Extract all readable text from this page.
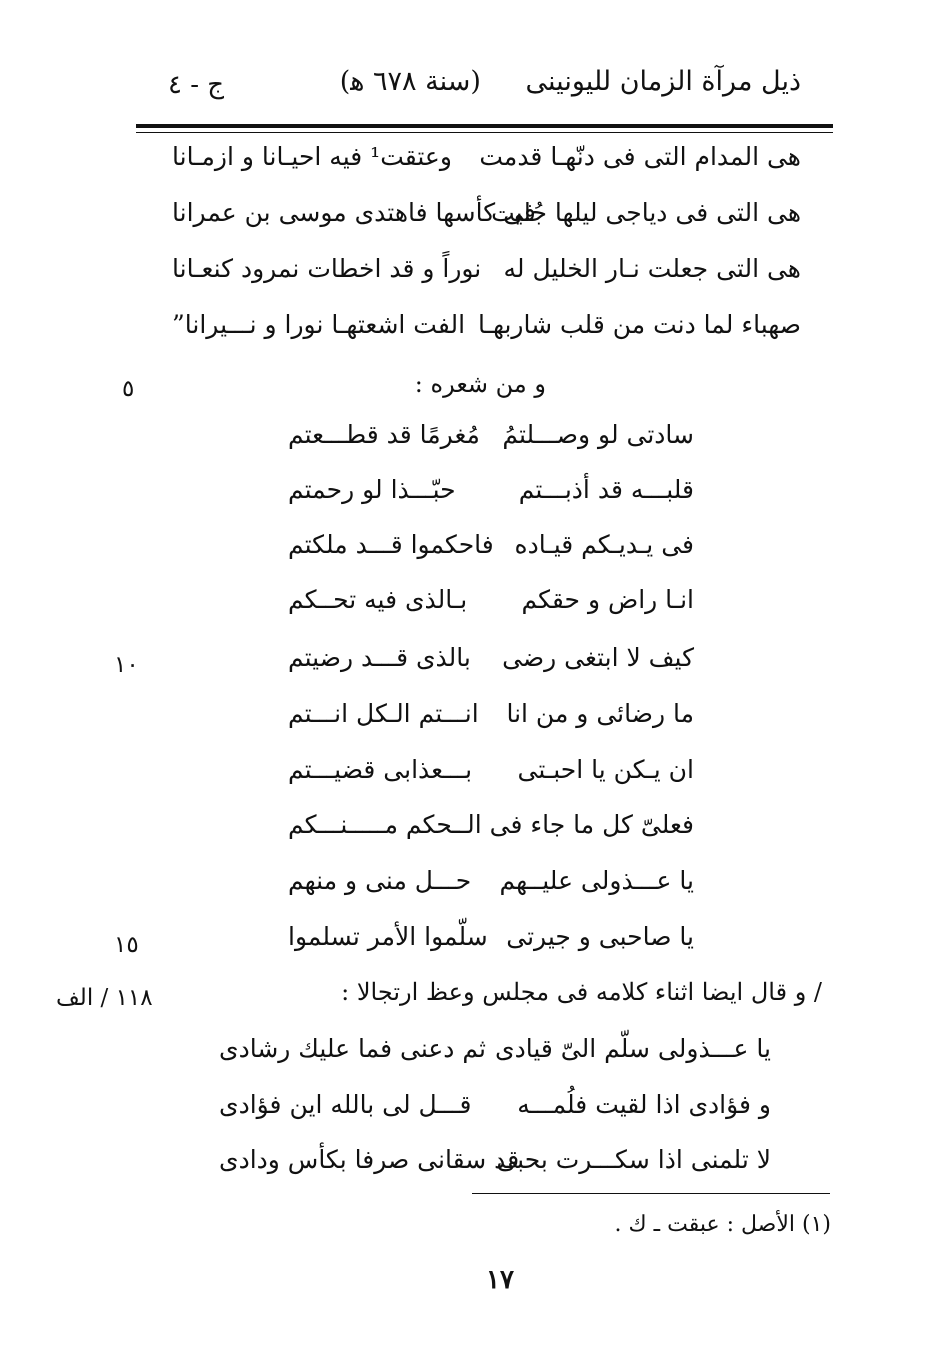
ذيل مرآة الزمان لليونينى (سنة ٦٧٨ ﻫ)
ج - ٤
هى المدام التى فى دنّهـا قدمت
وعتقت¹ فيه احيـانا و ازمـانا
هى التى فى دياجى ليلها جُليت
فى كأسها فاهتدى موسى بن عمرانا
هى التى جعلت نـار الخليل له
نوراً و قد اخطات نمرود كنعـانا
صهباء لما دنت من قلب شاربهـا
الفت اشعتهـا نورا و نـــيرانا”
و من شعره :
٥
سادتى لو وصـــلتمُ
مُغرمًا قد قطـــعتم
قلبـــه قد أذبـــتم
حبّـــذا لو رحمتم
فى يـديـكم قيـاده
فاحكموا قـــد ملكتم
انـا راض و حقكم
بـالذى فيه تحــكم
كيف لا ابتغى رضى
بالذى قـــد رضيتم
ما رضائى و من انا
انـــتم الـكل انـــتم
ان يـكن يا احبـتى
بـــعذابى قضيـــتم
فعلىّ كل ما جاء فى الــ
ـحكم مـــــنـــكم
يا عـــذولى عليــهم
حـــل منى و منهم
يا صاحبى و جيرتى
سلّموا الأمر تسلموا
١٠
١٥
١١٨ / الف	/ و قال ايضا اثناء كلامه فى مجلس وعظ ارتجالا :
يا عـــذولى سلّم الىّ قيادى
ثم دعنى فما عليك رشادى
و فؤادى اذا لقيت فلُمـــه
قـــل لى بالله اين فؤادى
لا تلمنى اذا سكـــرت بحبى
قد سقانى صرفا بكأس ودادى
(١) الأصل : عبقت ـ ك .
١٧
